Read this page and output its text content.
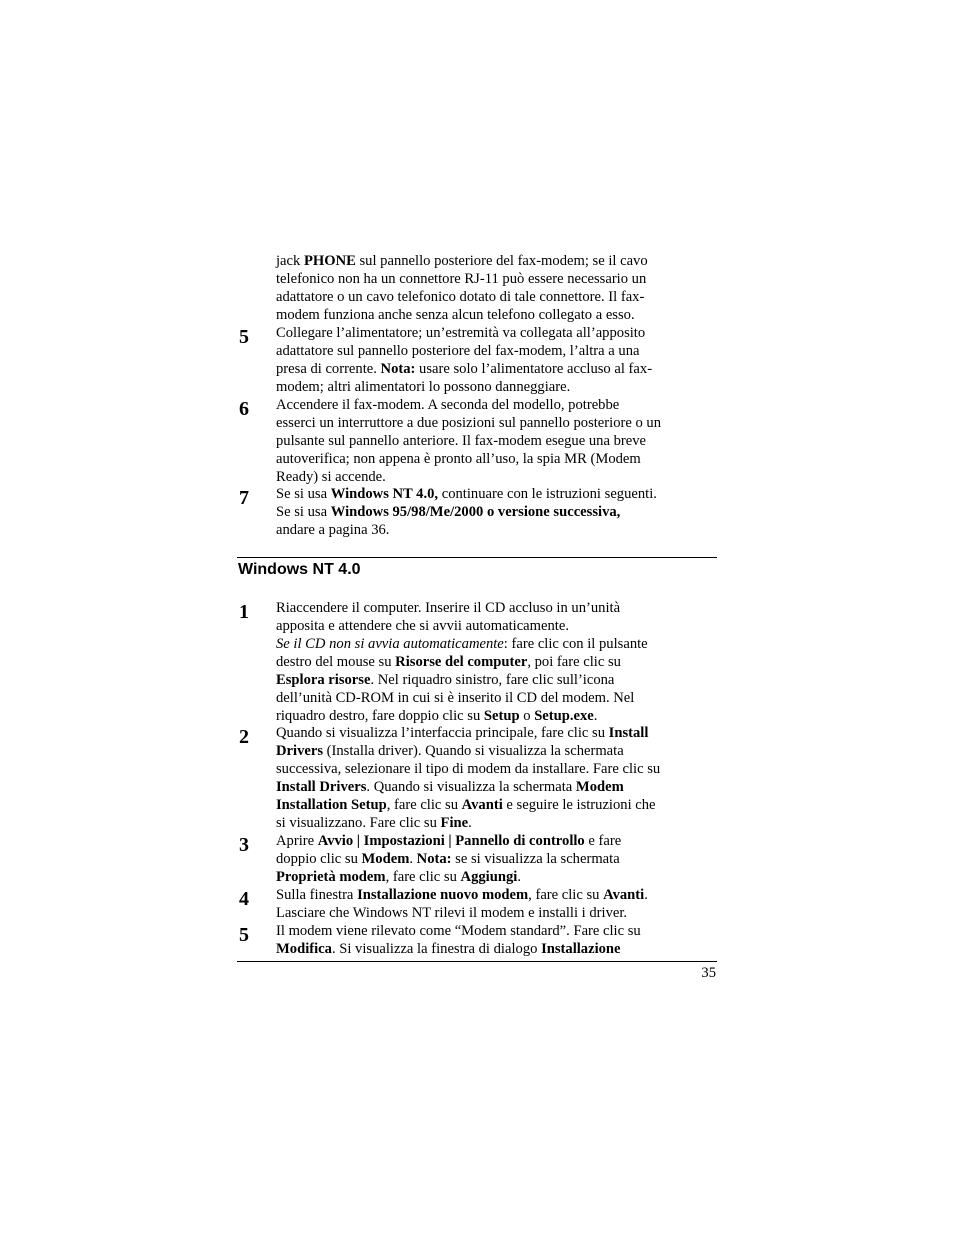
jack PHONE sul pannello posteriore del fax-modem; se il cavo
telefonico non ha un connettore RJ-11 può essere necessario un
adattatore o un cavo telefonico dotato di tale connettore. Il fax-
modem funziona anche senza alcun telefono collegato a esso.

5 Collegare l’alimentatore; un’estremità va collegata all’apposito
adattatore sul pannello posteriore del fax-modem, l’altra a una
presa di corrente. Nota: usare solo l’alimentatore accluso al fax-
modem; altri alimentatori lo possono danneggiare.

6 Accendere il fax-modem. A seconda del modello, potrebbe
esserci un interruttore a due posizioni sul pannello posteriore o un
pulsante sul pannello anteriore. Il fax-modem esegue una breve
autoverifica; non appena è pronto all’uso, la spia MR (Modem
Ready) si accende.

7 Se si usa Windows NT 4.0, continuare con le istruzioni seguenti.
Se si usa Windows 95/98/Me/2000 o versione successiva,
andare a pagina 36.

Windows NT 4.0
1 Riaccendere il computer. Inserire il CD accluso in un’unità
apposita e attendere che si avvii automaticamente.
Se il CD non si avvia automaticamente: fare clic con il pulsante
destro del mouse su Risorse del computer, poi fare clic su
Esplora risorse. Nel riquadro sinistro, fare clic sull’icona
dell’unità CD-ROM in cui si è inserito il CD del modem. Nel
riquadro destro, fare doppio clic su Setup o Setup.exe.

2 Quando si visualizza l’interfaccia principale, fare clic su Install
Drivers (Installa driver). Quando si visualizza la schermata
successiva, selezionare il tipo di modem da installare. Fare clic su
Install Drivers. Quando si visualizza la schermata Modem
Installation Setup, fare clic su Avanti e seguire le istruzioni che
si visualizzano. Fare clic su Fine.

3 Aprire Avvio | Impostazioni | Pannello di controllo e fare
doppio clic su Modem. Nota: se si visualizza la schermata
Proprietà modem, fare clic su Aggiungi.

4 Sulla finestra Installazione nuovo modem, fare clic su Avanti.
Lasciare che Windows NT rilevi il modem e installi i driver.

5 Il modem viene rilevato come “Modem standard”. Fare clic su
Modifica. Si visualizza la finestra di dialogo Installazione

35
